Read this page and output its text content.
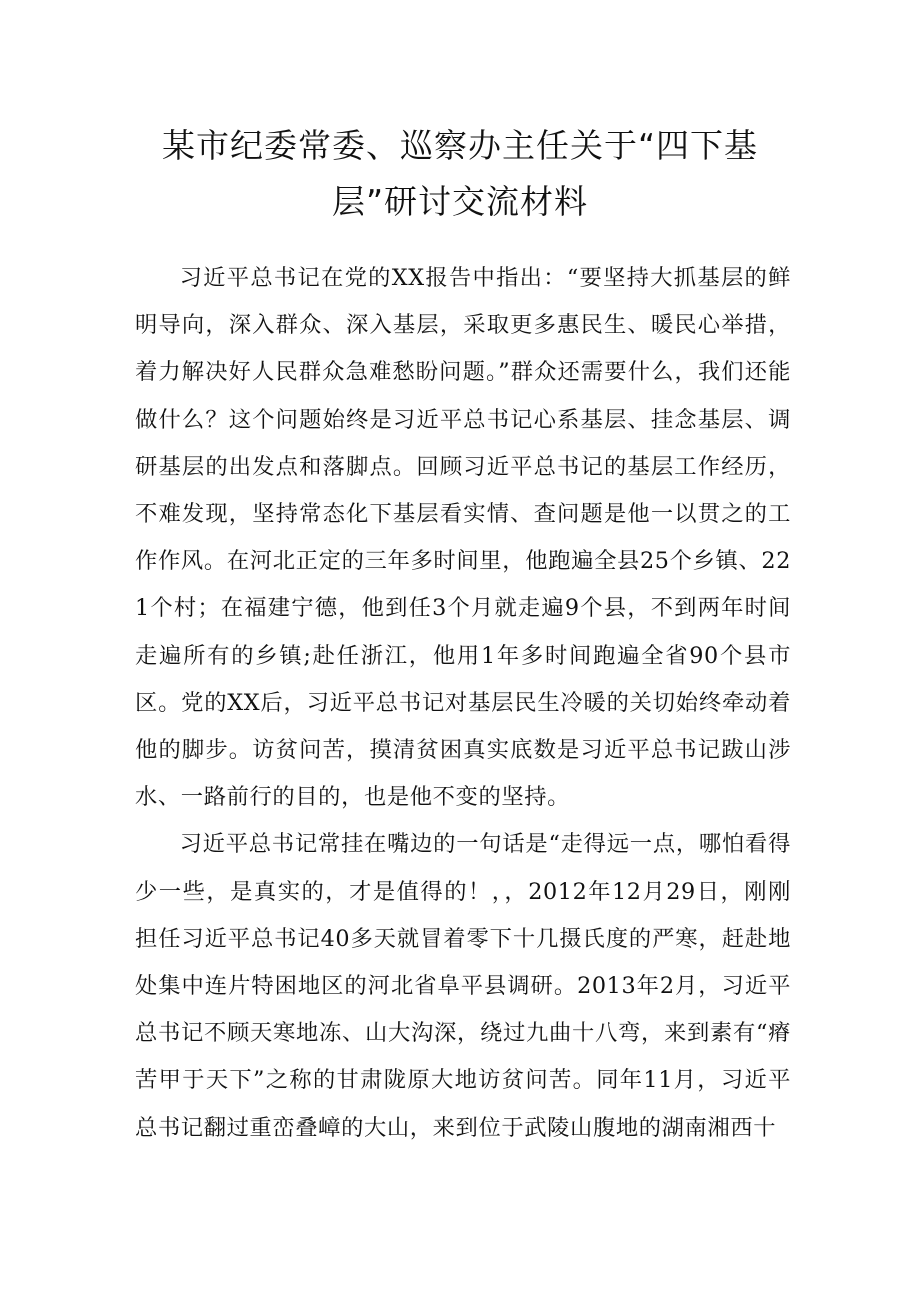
某市纪委常委、巡察办主任关于“四下基
层”研讨交流材料

习近平总书记在党的XX报告中指出：“要坚持大抓基层的鲜明导向，深入群众、深入基层，采取更多惠民生、暖民心举措，着力解决好人民群众急难愁盼问题。”群众还需要什么，我们还能做什么？这个问题始终是习近平总书记心系基层、挂念基层、调研基层的出发点和落脚点。回顾习近平总书记的基层工作经历，不难发现，坚持常态化下基层看实情、查问题是他一以贯之的工作作风。在河北正定的三年多时间里，他跑遍全县25个乡镇、221个村；在福建宁德，他到任3个月就走遍9个县，不到两年时间走遍所有的乡镇;赴任浙江，他用1年多时间跑遍全省90个县市区。党的XX后，习近平总书记对基层民生冷暖的关切始终牵动着他的脚步。访贫问苦，摸清贫困真实底数是习近平总书记跋山涉水、一路前行的目的，也是他不变的坚持。

习近平总书记常挂在嘴边的一句话是“走得远一点，哪怕看得少一些，是真实的，才是值得的！，，2012年12月29日，刚刚担任习近平总书记40多天就冒着零下十几摄氏度的严寒，赶赴地处集中连片特困地区的河北省阜平县调研。2013年2月，习近平总书记不顾天寒地冻、山大沟深，绕过九曲十八弯，来到素有“瘠苦甲于天下”之称的甘肃陇原大地访贫问苦。同年11月，习近平总书记翻过重峦叠嶂的大山，来到位于武陵山腹地的湖南湘西十
